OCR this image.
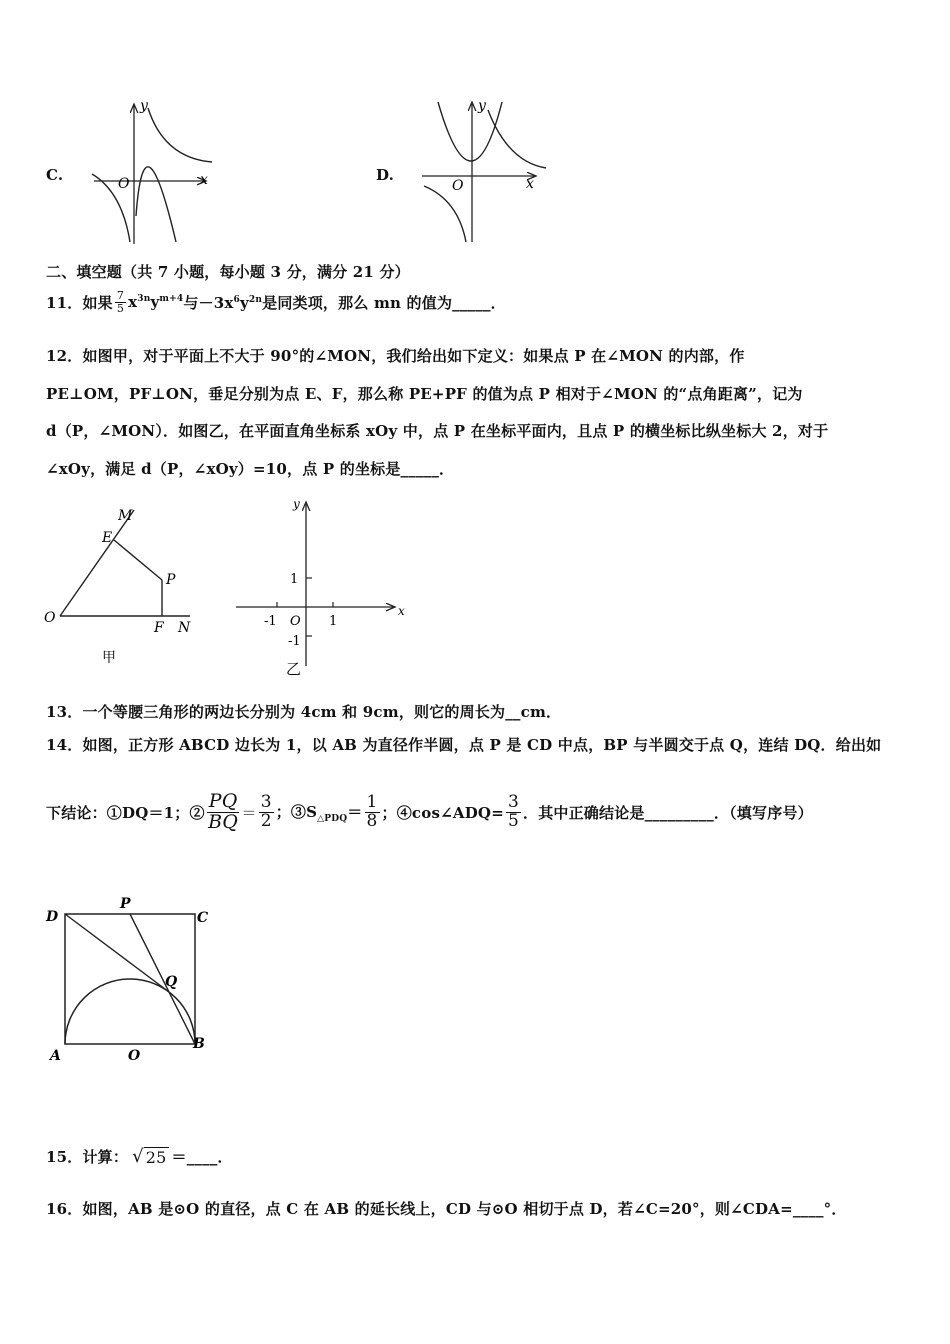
C.	x
y
O	D.	x
y
O
二、填空题（共 7 小题，每小题 3 分，满分 21 分）
11． 如果 $\frac{7}{5} x^{3n}y^{m+4}$ 与$-3x^6y^{2n}$ 是同类项，那么 mn 的值为_____．
12．如图甲，对于平面上不大于 90°的∠MON，我们给出如下定义：如果点 P 在∠MON 的内部，作
PE⊥OM，PF⊥ON，垂足分别为点 E、F，那么称 PE+PF 的值为点 P 相对于∠MON 的“点角距离”，记为
d（P，∠MON）．如图乙，在平面直角坐标系 xOy 中，点 P 在坐标平面内，且点 P 的横坐标比纵坐标大 2，对于
∠xOy，满足 d（P，∠xOy）=10，点 P 的坐标是_____．
M
E
P
O
F N
甲
y
x
1
-1 O 1
-1
乙
13．一个等腰三角形的两边长分别为 4cm 和 9cm，则它的周长为__cm．
14．如图，正方形 ABCD 边长为 1，以 AB 为直径作半圆，点 P 是 CD 中点，BP 与半圆交于点 Q，连结 DQ．给出如
下结论：①DQ＝1；② $\frac{PQ}{BQ} = \frac{3}{2}$ ；$③S_{\triangle PDQ}= \frac{1}{8}$ ；④cos∠ADQ= $\frac{3}{5}$ ．其中正确结论是_________．（填写序号）
D
P
C
Q
A	O
B
15．计算： √ 25 ＝____．
16．如图，AB 是⊙O 的直径，点 C 在 AB 的延长线上，CD 与⊙O 相切于点 D，若∠C=20°，则∠CDA=____°．
